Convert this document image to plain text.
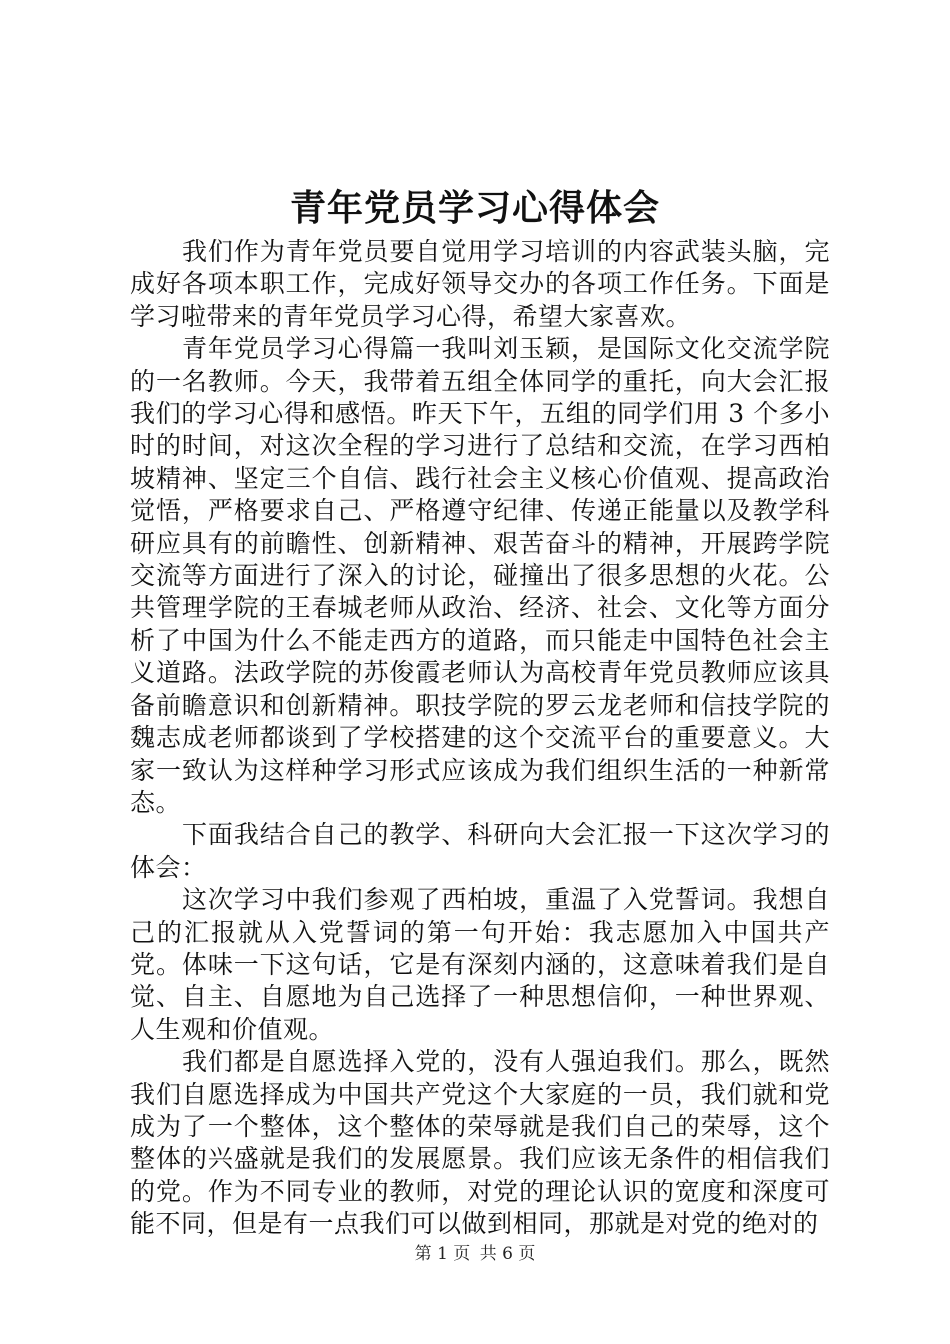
青年党员学习心得体会

我们作为青年党员要自觉用学习培训的内容武装头脑，完成好各项本职工作，完成好领导交办的各项工作任务。下面是学习啦带来的青年党员学习心得，希望大家喜欢。

青年党员学习心得篇一我叫刘玉颖，是国际文化交流学院的一名教师。今天，我带着五组全体同学的重托，向大会汇报我们的学习心得和感悟。昨天下午，五组的同学们用 3 个多小时的时间，对这次全程的学习进行了总结和交流，在学习西柏坡精神、坚定三个自信、践行社会主义核心价值观、提高政治觉悟，严格要求自己、严格遵守纪律、传递正能量以及教学科研应具有的前瞻性、创新精神、艰苦奋斗的精神，开展跨学院交流等方面进行了深入的讨论，碰撞出了很多思想的火花。公共管理学院的王春城老师从政治、经济、社会、文化等方面分析了中国为什么不能走西方的道路，而只能走中国特色社会主义道路。法政学院的苏俊霞老师认为高校青年党员教师应该具备前瞻意识和创新精神。职技学院的罗云龙老师和信技学院的魏志成老师都谈到了学校搭建的这个交流平台的重要意义。大家一致认为这样种学习形式应该成为我们组织生活的一种新常态。

下面我结合自己的教学、科研向大会汇报一下这次学习的体会：

这次学习中我们参观了西柏坡，重温了入党誓词。我想自己的汇报就从入党誓词的第一句开始：我志愿加入中国共产党。体味一下这句话，它是有深刻内涵的，这意味着我们是自觉、自主、自愿地为自己选择了一种思想信仰，一种世界观、人生观和价值观。

我们都是自愿选择入党的，没有人强迫我们。那么，既然我们自愿选择成为中国共产党这个大家庭的一员，我们就和党成为了一个整体，这个整体的荣辱就是我们自己的荣辱，这个整体的兴盛就是我们的发展愿景。我们应该无条件的相信我们的党。作为不同专业的教师，对党的理论认识的宽度和深度可能不同，但是有一点我们可以做到相同，那就是对党的绝对的

第 1 页 共 6 页
